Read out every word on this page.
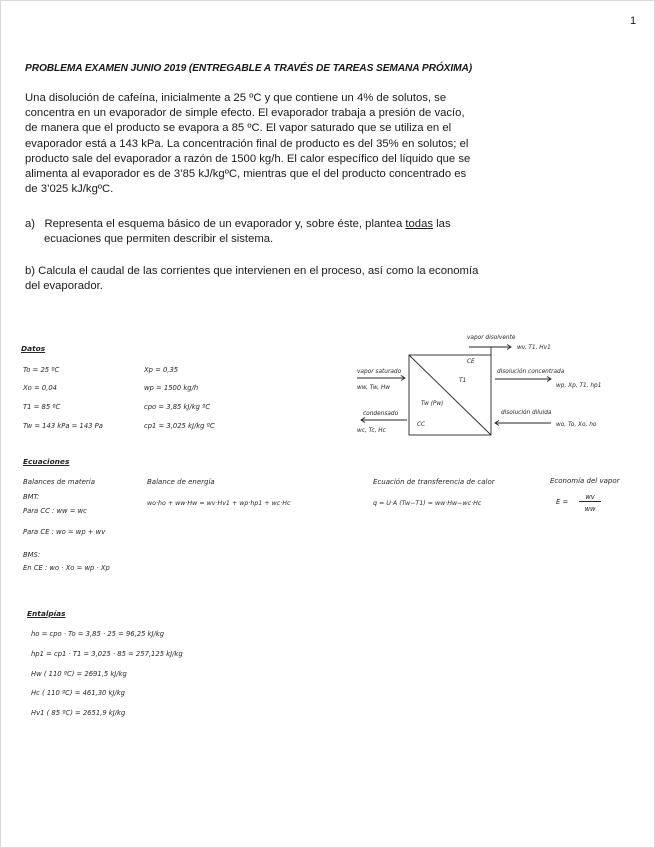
1
PROBLEMA EXAMEN JUNIO 2019 (ENTREGABLE A TRAVÉS DE TAREAS SEMANA PRÓXIMA)
Una disolución de cafeína, inicialmente a 25 ºC y que contiene un 4% de solutos, se
concentra en un evaporador de simple efecto. El evaporador trabaja a presión de vacío,
de manera que el producto se evapora a 85 ºC. El vapor saturado que se utiliza en el
evaporador está a 143 kPa. La concentración final de producto es del 35% en solutos; el
producto sale del evaporador a razón de 1500 kg/h. El calor específico del líquido que se
alimenta al evaporador es de 3’85 kJ/kgºC, mientras que el del producto concentrado es
de 3’025 kJ/kgºC.
a) Representa el esquema básico de un evaporador y, sobre éste, plantea todas las
ecuaciones que permiten describir el sistema.
b) Calcula el caudal de las corrientes que intervienen en el proceso, así como la economía
del evaporador.
Datos
To = 25 ºC
Xo = 0,04
T1 = 85 ºC
Tw = 143 kPa = 143 Pa
Xp = 0,35
wp = 1500 kg/h
cpo = 3,85 kJ/kg ºC
cp1 = 3,025 kJ/kg ºC
vapor disolvente
wv, T1, Hv1
CE
T1
Tw (Pw)
CC
vapor saturado
ww, Tw, Hw
condensado
wc, Tc, Hc
disolución concentrada
wp, Xp, T1, hp1
disolución diluida
wo, To, Xo, ho
Ecuaciones
Balances de materia
BMT:
Para CC : ww = wc
Para CE : wo = wp + wv
BMS:
En CE : wo · Xo = wp · Xp
Balance de energía
wo·ho + ww·Hw = wv·Hv1 + wp·hp1 + wc·Hc
Ecuación de transferencia de calor
q = U·A (Tw−T1) = ww·Hw−wc·Hc
Economía del vapor
E =
wv
ww
Entalpías
ho = cpo · To = 3,85 · 25 = 96,25 kJ/kg
hp1 = cp1 · T1 = 3,025 · 85 = 257,125 kJ/kg
Hw ( 110 ºC) = 2691,5 kJ/kg
Hc ( 110 ºC) = 461,30 kJ/kg
Hv1 ( 85 ºC) = 2651,9 kJ/kg
